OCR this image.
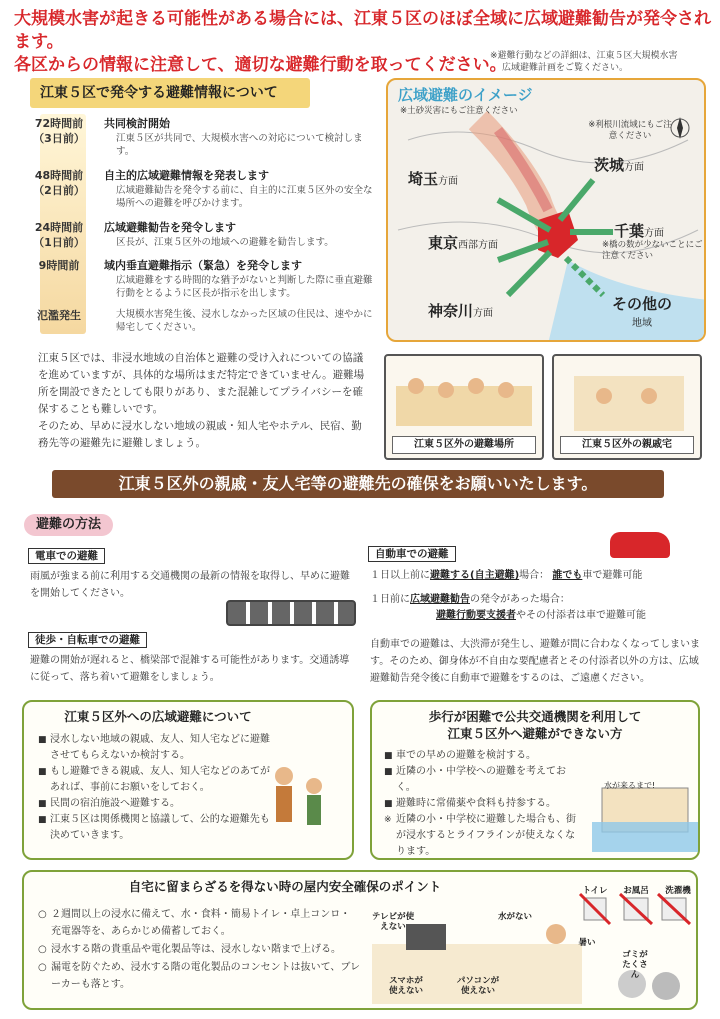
大規模水害が起きる可能性がある場合には、江東５区のほぼ全域に広域避難勧告が発令されます。
各区からの情報に注意して、適切な避難行動を取ってください。
※避難行動などの詳細は、江東５区大規模水害
広域避難計画をご覧ください。
江東５区で発令する避難情報について
72時間前
（3日前）
共同検討開始
江東５区が共同で、大規模水害への対応について検討します。
48時間前
（2日前）
自主的広域避難情報を発表します
広域避難勧告を発令する前に、自主的に江東５区外の安全な場所への避難を呼びかけます。
24時間前
（1日前）
広域避難勧告を発令します
区長が、江東５区外の地域への避難を勧告します。
9時間前	域内垂直避難指示（緊急）を発令します
広域避難をする時間的な猶予がないと判断した際に垂直避難行動をとるように区長が指示を出します。
氾濫発生	大規模水害発生後、浸水しなかった区域の住民は、速やかに帰宅してください。
広域避難のイメージ
※土砂災害にもご注意ください
※利根川流域にもご注意ください
※橋の数が少ないことにご注意ください
埼玉方面
茨城方面
東京西部方面
千葉方面
神奈川方面
その他の
地域

江東５区では、非浸水地域の自治体と避難の受け入れについての協議を進めていますが、具体的な場所はまだ特定できていません。避難場所を開設できたとしても限りがあり、また混雑してプライバシーを確保することも難しいです。

そのため、早めに浸水しない地域の親戚・知人宅やホテル、民宿、勤務先等の避難先に避難しましょう。	江東５区外の避難場所	江東５区外の親戚宅
江東５区外の親戚・友人宅等の避難先の確保をお願いいたします。
避難の方法
電車での避難
雨風が強まる前に利用する交通機関の最新の情報を取得し、早めに避難を開始してください。
徒歩・自転車での避難
避難の開始が遅れると、橋梁部で混雑する可能性があります。交通誘導に従って、落ち着いて避難をしましょう。
自動車での避難
１日以上前に避難する(自主避難)場合： 誰でも車で避難可能
１日前に広域避難勧告の発令があった場合：
避難行動要支援者やその付添者は車で避難可能
自動車での避難は、大渋滞が発生し、避難が間に合わなくなってしまいます。そのため、御身体が不自由な要配慮者とその付添者以外の方は、広域避難勧告発令後に自動車で避難をするのは、ご遠慮ください。
江東５区外への広域避難について
■ 浸水しない地域の親戚、友人、知人宅などに避難させてもらえないか検討する。
■ もし避難できる親戚、友人、知人宅などのあてがあれば、事前にお願いをしておく。
■ 民間の宿泊施設へ避難する。
■ 江東５区は関係機関と協議して、公的な避難先も決めていきます。
歩行が困難で公共交通機関を利用して
江東５区外へ避難ができない方
■ 車での早めの避難を検討する。
■ 近隣の小・中学校への避難を考えておく。
■ 避難時に常備薬や食料も持参する。
※ 近隣の小・中学校に避難した場合も、街が浸水するとライフラインが使えなくなります。
水が来るまで!
自宅に留まらざるを得ない時の屋内安全確保のポイント
○ ２週間以上の浸水に備えて、水・食料・簡易トイレ・卓上コンロ・充電器等を、あらかじめ備蓄しておく。
○ 浸水する階の貴重品や電化製品等は、浸水しない階まで上げる。
○ 漏電を防ぐため、浸水する階の電化製品のコンセントは抜いて、ブレーカーも落とす。
テレビが使えない
水がない
トイレ	お風呂	洗濯機
ゴミがたくさん
暑い
スマホが使えない
パソコンが使えない
